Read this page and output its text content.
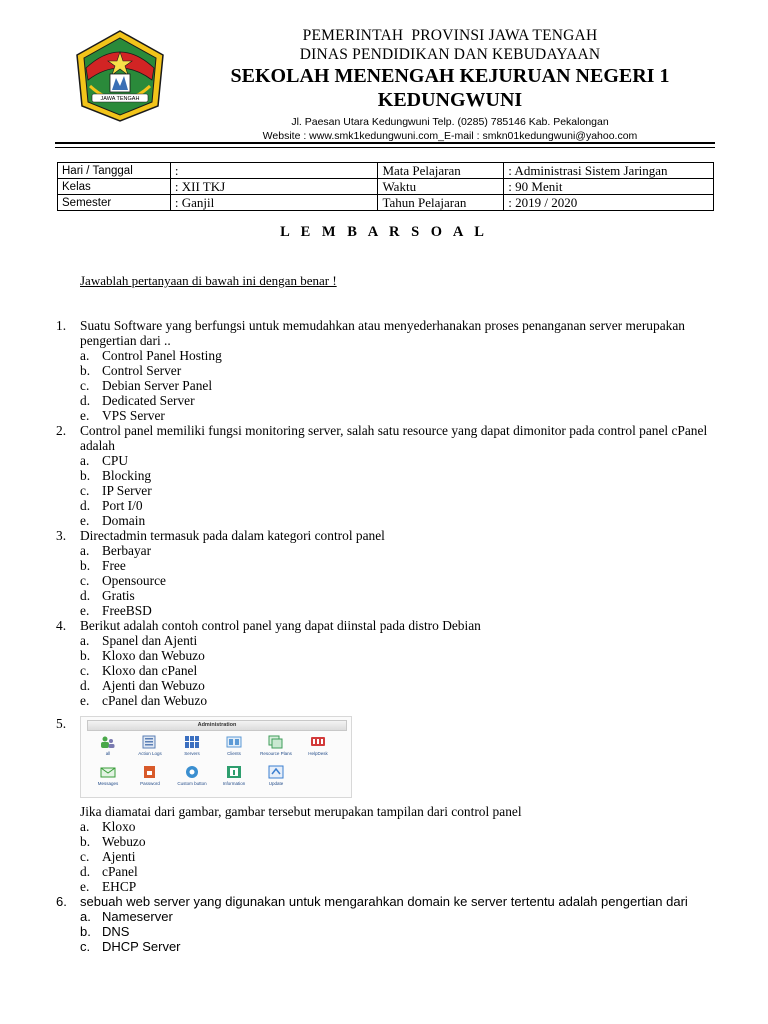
JAWA TENGAH
PEMERINTAH  PROVINSI JAWA TENGAH
DINAS PENDIDIKAN DAN KEBUDAYAAN
SEKOLAH MENENGAH KEJURUAN NEGERI 1
KEDUNGWUNI
Jl. Paesan Utara Kedungwuni Telp. (0285) 785146 Kab. Pekalongan
Website : www.smk1kedungwuni.com_E-mail : smkn01kedungwuni@yahoo.com
Hari / Tanggal	:	Mata Pelajaran	: Administrasi Sistem Jaringan
Kelas	: XII TKJ	Waktu	: 90 Menit
Semester	: Ganjil	Tahun Pelajaran	: 2019 / 2020
L E M B A R S O A L
Jawablah pertanyaan di bawah ini dengan benar !
1. Suatu Software yang berfungsi untuk memudahkan atau menyederhanakan proses penanganan server merupakan pengertian dari ..
a. Control Panel Hosting
b. Control Server
c. Debian Server Panel
d. Dedicated Server
e. VPS Server
2. Control panel memiliki fungsi monitoring server, salah satu resource yang dapat dimonitor pada control panel cPanel adalah
a. CPU
b. Blocking
c. IP Server
d. Port I/0
e. Domain
3. Directadmin termasuk pada dalam kategori control panel
a. Berbayar
b. Free
c. Opensource
d. Gratis
e. FreeBSD
4. Berikut adalah contoh control panel yang dapat diinstal pada distro Debian
a. Spanel dan Ajenti
b. Kloxo dan Webuzo
c. Kloxo dan cPanel
d. Ajenti dan Webuzo
e. cPanel dan Webuzo
5.	Administration
all	Action Logs	Servers	Clients	Resource Plans	HelpDesk
Messages	Password	Custom button	Information	Update
Jika diamatai dari gambar, gambar tersebut merupakan tampilan dari control panel
a. Kloxo
b. Webuzo
c. Ajenti
d. cPanel
e. EHCP
6. sebuah web server yang digunakan untuk mengarahkan domain ke server tertentu adalah pengertian dari
a. Nameserver
b. DNS
c. DHCP Server
